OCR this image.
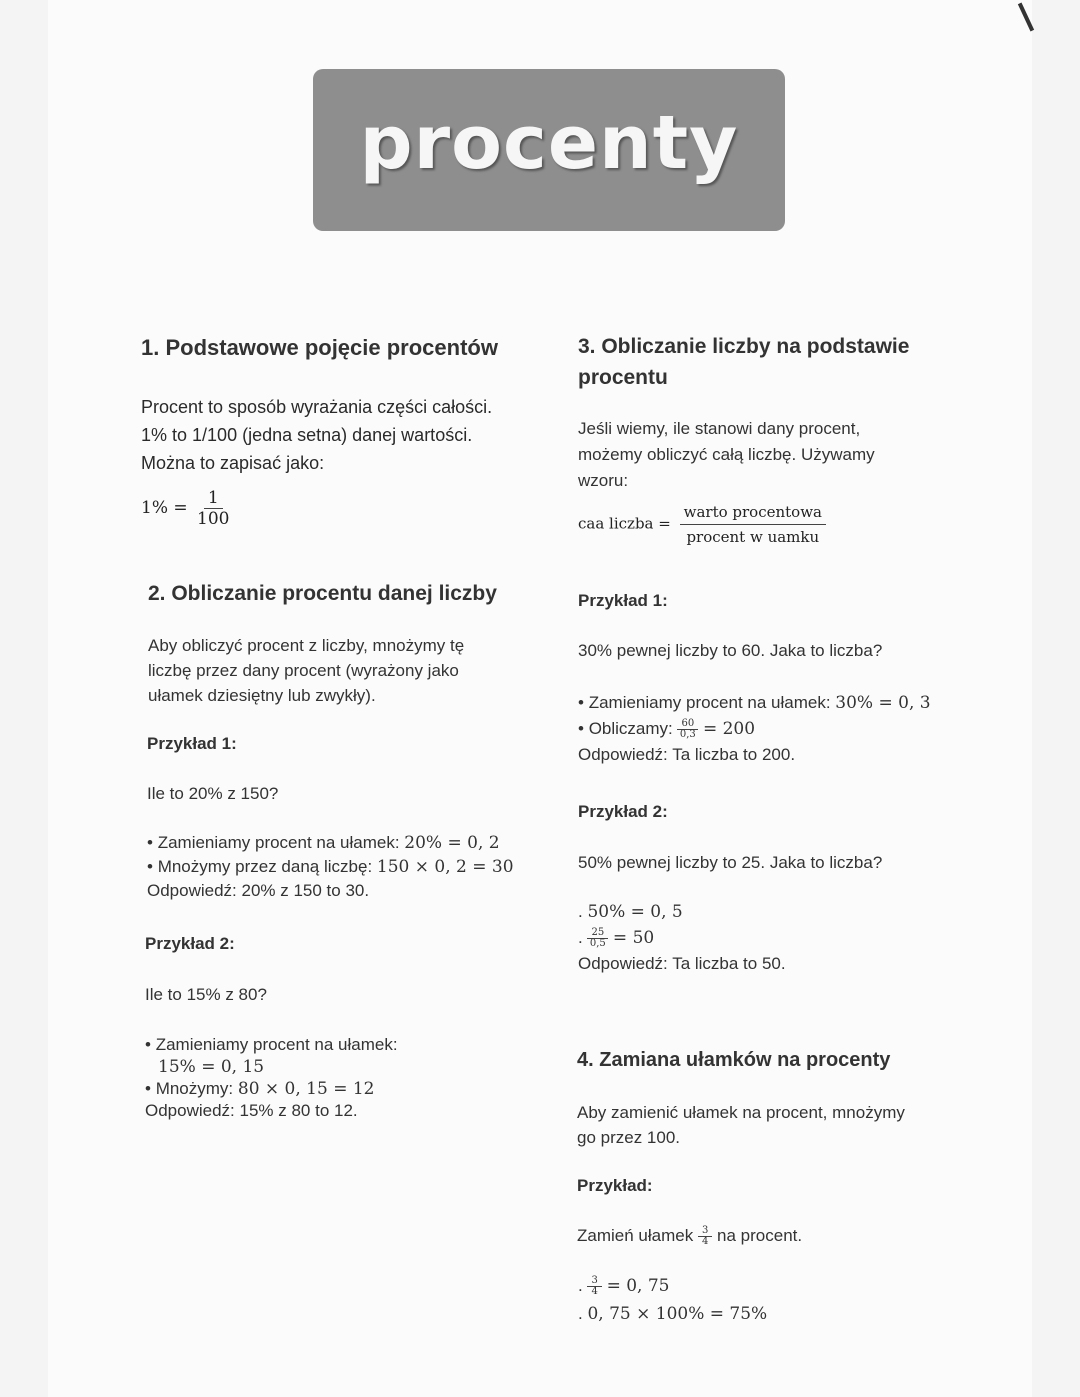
procenty
1. Podstawowe pojęcie procentów
Procent to sposób wyrażania części całości.
1% to 1/100 (jedna setna) danej wartości.
Można to zapisać jako:
$1\% = \frac{1}{100}$
2. Obliczanie procentu danej liczby
Aby obliczyć procent z liczby, mnożymy tę
liczbę przez dany procent (wyrażony jako
ułamek dziesiętny lub zwykły).
Przykład 1:
Ile to 20% z 150?
• Zamieniamy procent na ułamek: 20% = 0, 2
• Mnożymy przez daną liczbę: 150 × 0, 2 = 30
Odpowiedź: 20% z 150 to 30.
Przykład 2:
Ile to 15% z 80?
• Zamieniamy procent na ułamek:
15% = 0, 15
• Mnożymy: 80 × 0, 15 = 12
Odpowiedź: 15% z 80 to 12.
3. Obliczanie liczby na podstawie
procentu
Jeśli wiemy, ile stanowi dany procent,
możemy obliczyć całą liczbę. Używamy
wzoru:
caa liczba = $\frac{\text{warto procentowa}}{\text{procent w uamku}}$
Przykład 1:
30% pewnej liczby to 60. Jaka to liczba?
• Zamieniamy procent na ułamek: 30% = 0, 3
• Obliczamy: $\frac{60}{0,3} = 200$
Odpowiedź: Ta liczba to 200.
Przykład 2:
50% pewnej liczby to 25. Jaka to liczba?
. 50% = 0, 5
. $\frac{25}{0,5} = 50$
Odpowiedź: Ta liczba to 50.
4. Zamiana ułamków na procenty
Aby zamienić ułamek na procent, mnożymy
go przez 100.
Przykład:
Zamień ułamek $\frac{3}{4}$ na procent.
. $\frac{3}{4} = 0$, 75
. 0, 75 × 100% = 75%
